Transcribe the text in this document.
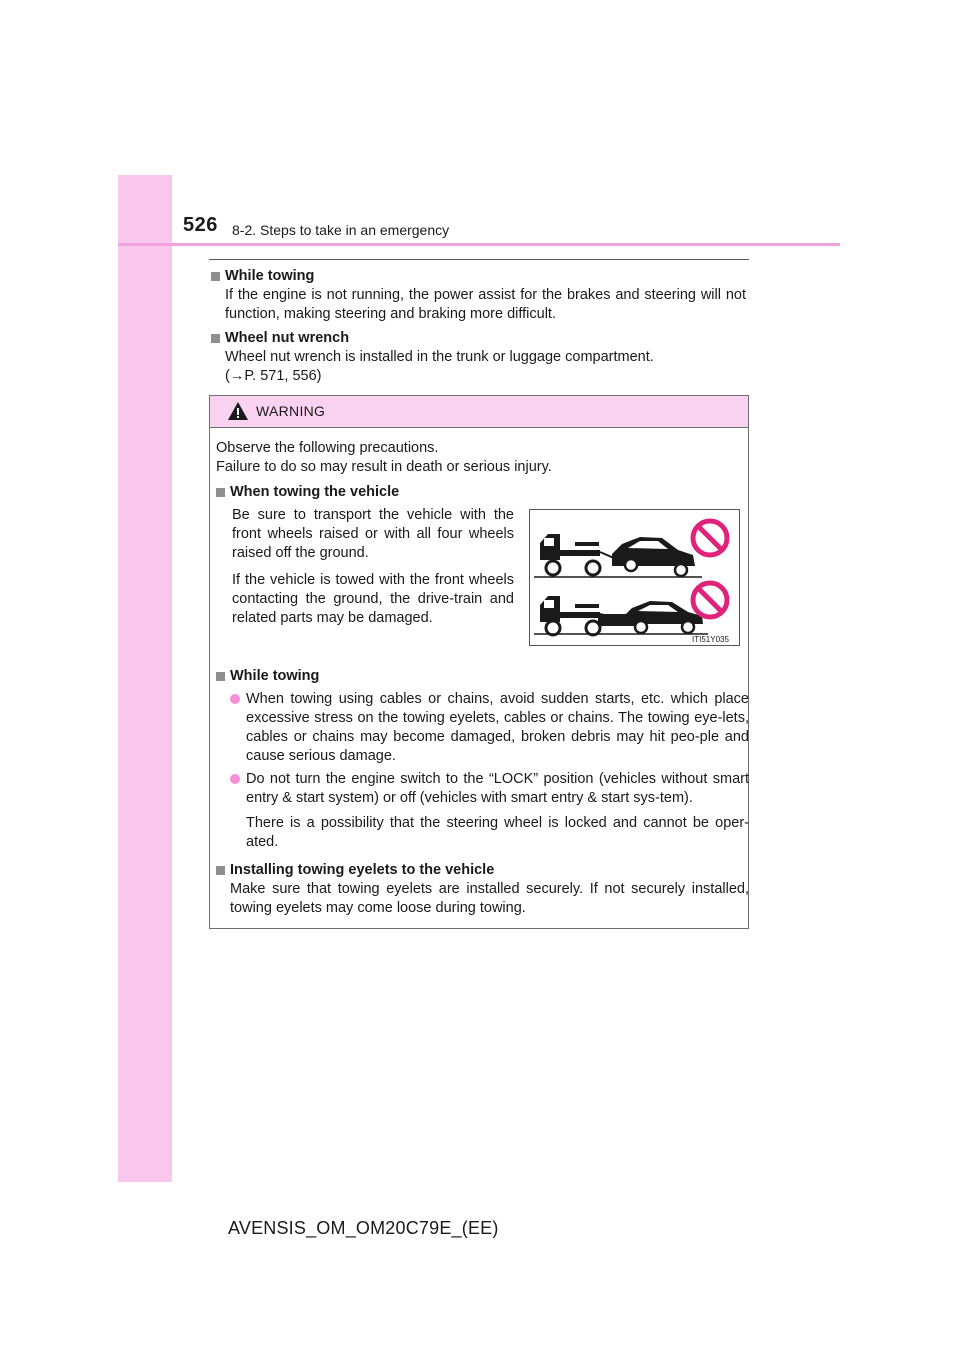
526 8-2. Steps to take in an emergency
While towing
If the engine is not running, the power assist for the brakes and steering will not function, making steering and braking more difficult.
Wheel nut wrench
Wheel nut wrench is installed in the trunk or luggage compartment.
(→P. 571, 556)
WARNING

Observe the following precautions.

Failure to do so may result in death or serious injury.

When towing the vehicle

Be sure to transport the vehicle with the front wheels raised or with all four wheels raised off the ground.

If the vehicle is towed with the front wheels contacting the ground, the drive-train and related parts may be damaged.

ITI51Y035
While towing
When towing using cables or chains, avoid sudden starts, etc. which place excessive stress on the towing eyelets, cables or chains. The towing eye-lets, cables or chains may become damaged, broken debris may hit peo-ple and cause serious damage.
Do not turn the engine switch to the “LOCK” position (vehicles without smart entry & start system) or off (vehicles with smart entry & start sys-tem).
There is a possibility that the steering wheel is locked and cannot be oper-ated.
Installing towing eyelets to the vehicle
Make sure that towing eyelets are installed securely. If not securely installed, towing eyelets may come loose during towing.
AVENSIS_OM_OM20C79E_(EE)
